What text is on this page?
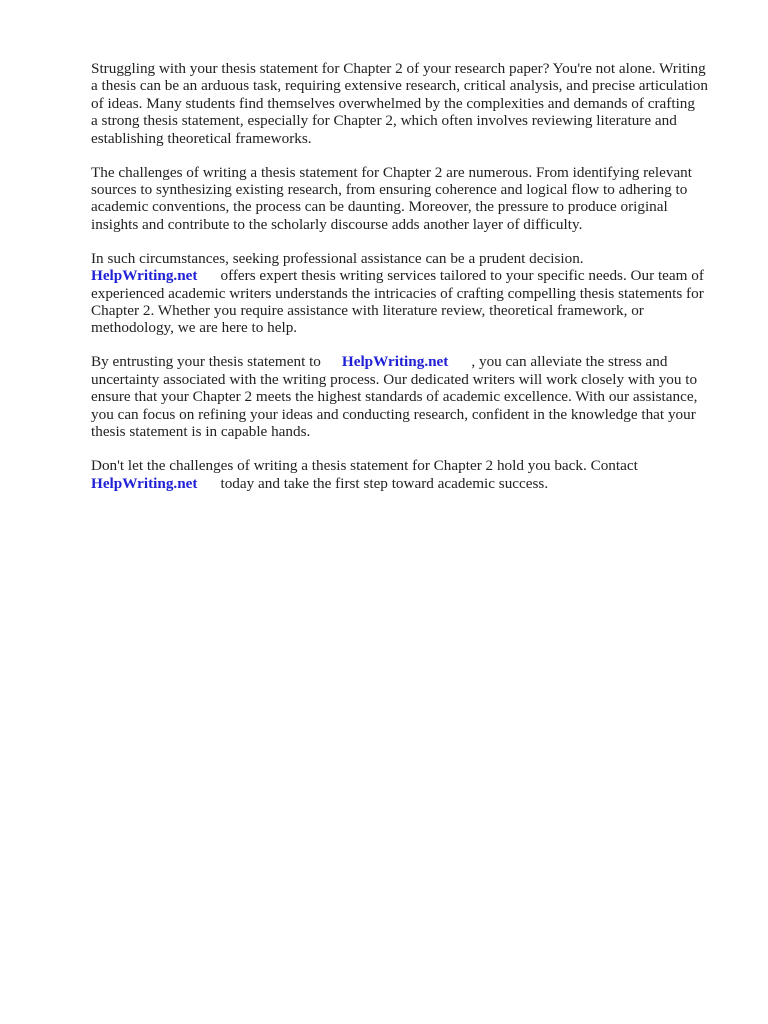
Struggling with your thesis statement for Chapter 2 of your research paper? You're not alone. Writing
a thesis can be an arduous task, requiring extensive research, critical analysis, and precise articulation
of ideas. Many students find themselves overwhelmed by the complexities and demands of crafting
a strong thesis statement, especially for Chapter 2, which often involves reviewing literature and
establishing theoretical frameworks.

The challenges of writing a thesis statement for Chapter 2 are numerous. From identifying relevant
sources to synthesizing existing research, from ensuring coherence and logical flow to adhering to
academic conventions, the process can be daunting. Moreover, the pressure to produce original
insights and contribute to the scholarly discourse adds another layer of difficulty.

In such circumstances, seeking professional assistance can be a prudent decision.
HelpWriting.net offers expert thesis writing services tailored to your specific needs. Our team of
experienced academic writers understands the intricacies of crafting compelling thesis statements for
Chapter 2. Whether you require assistance with literature review, theoretical framework, or
methodology, we are here to help.

By entrusting your thesis statement to HelpWriting.net , you can alleviate the stress and
uncertainty associated with the writing process. Our dedicated writers will work closely with you to
ensure that your Chapter 2 meets the highest standards of academic excellence. With our assistance,
you can focus on refining your ideas and conducting research, confident in the knowledge that your
thesis statement is in capable hands.

Don't let the challenges of writing a thesis statement for Chapter 2 hold you back. Contact
HelpWriting.net today and take the first step toward academic success.
